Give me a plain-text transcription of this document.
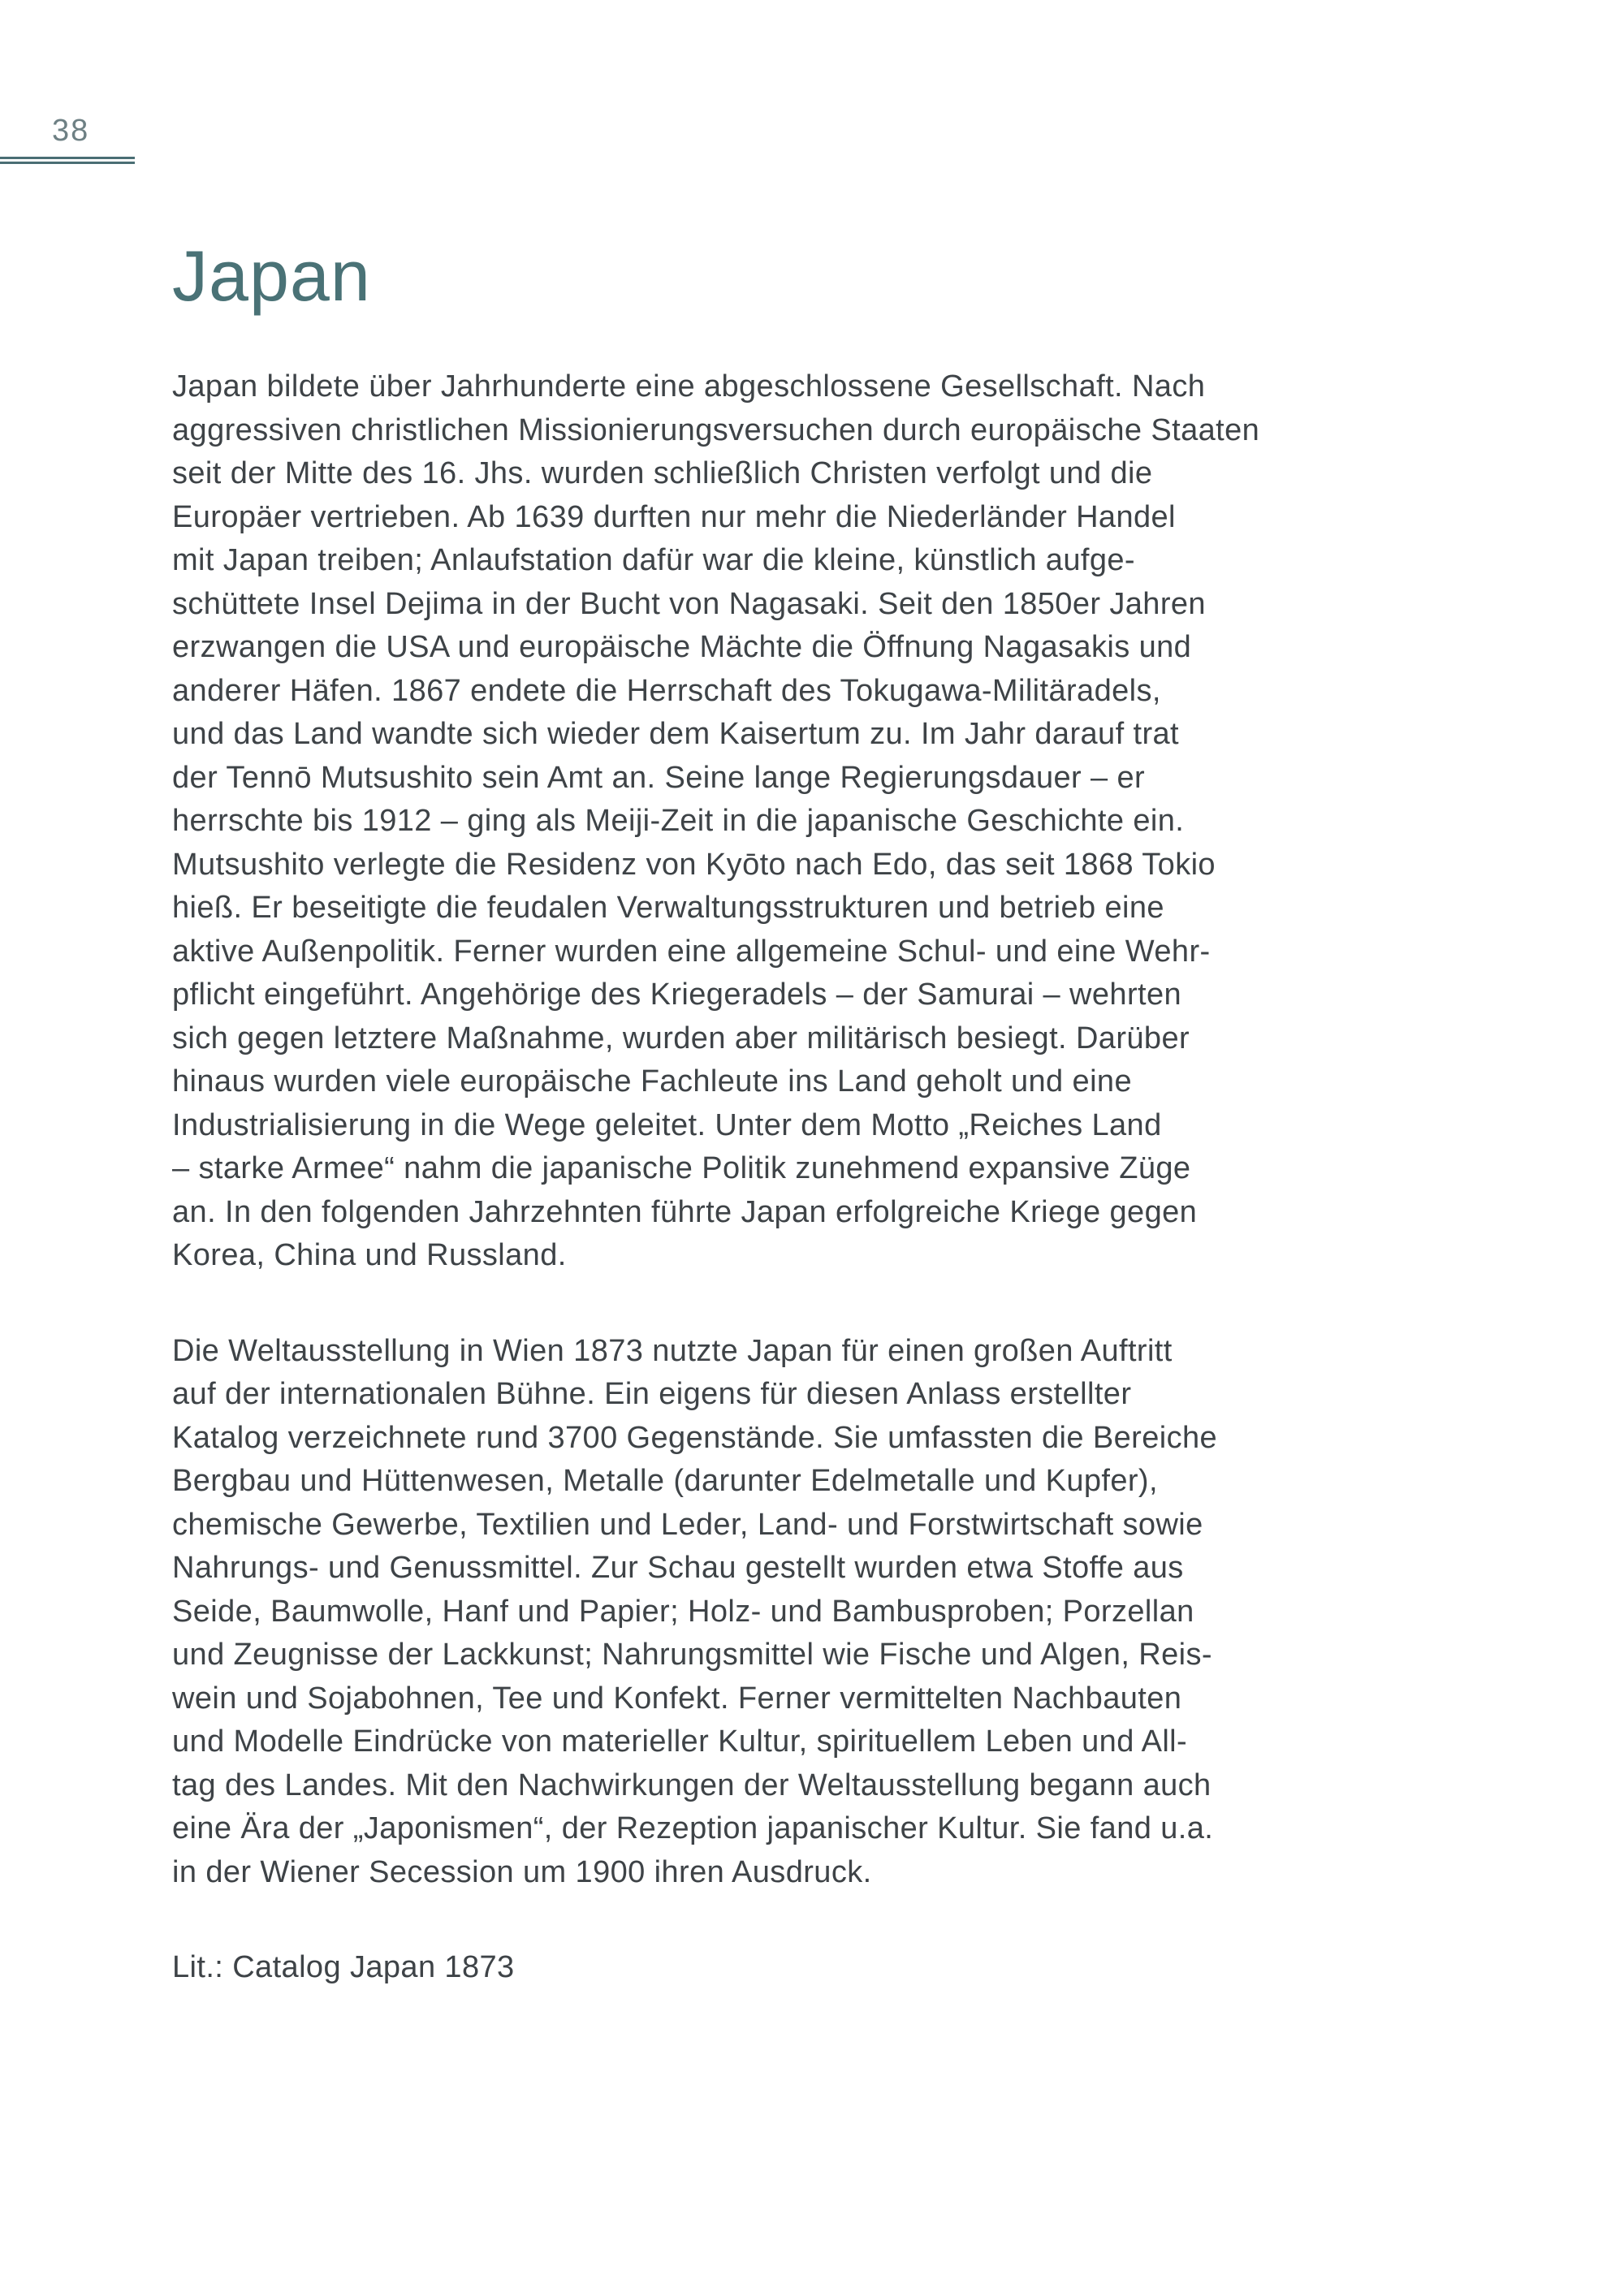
38
Japan
Japan bildete über Jahrhunderte eine abgeschlossene Gesellschaft. Nach
aggressiven christlichen Missionierungsversuchen durch europäische Staaten
seit der Mitte des 16. Jhs. wurden schließlich Christen verfolgt und die
Europäer vertrieben. Ab 1639 durften nur mehr die Niederländer Handel
mit Japan treiben; Anlaufstation dafür war die kleine, künstlich aufge-
schüttete Insel Dejima in der Bucht von Nagasaki. Seit den 1850er Jahren
erzwangen die USA und europäische Mächte die Öffnung Nagasakis und
anderer Häfen. 1867 endete die Herrschaft des Tokugawa-Militäradels,
und das Land wandte sich wieder dem Kaisertum zu. Im Jahr darauf trat
der Tennō Mutsushito sein Amt an. Seine lange Regierungsdauer – er
herrschte bis 1912 – ging als Meiji-Zeit in die japanische Geschichte ein.
Mutsushito verlegte die Residenz von Kyōto nach Edo, das seit 1868 Tokio
hieß. Er beseitigte die feudalen Verwaltungsstrukturen und betrieb eine
aktive Außenpolitik. Ferner wurden eine allgemeine Schul- und eine Wehr-
pflicht eingeführt. Angehörige des Kriegeradels – der Samurai – wehrten
sich gegen letztere Maßnahme, wurden aber militärisch besiegt. Darüber
hinaus wurden viele europäische Fachleute ins Land geholt und eine
Industrialisierung in die Wege geleitet. Unter dem Motto „Reiches Land
– starke Armee“ nahm die japanische Politik zunehmend expansive Züge
an. In den folgenden Jahrzehnten führte Japan erfolgreiche Kriege gegen
Korea, China und Russland.
Die Weltausstellung in Wien 1873 nutzte Japan für einen großen Auftritt
auf der internationalen Bühne. Ein eigens für diesen Anlass erstellter
Katalog verzeichnete rund 3700 Gegenstände. Sie umfassten die Bereiche
Bergbau und Hüttenwesen, Metalle (darunter Edelmetalle und Kupfer),
chemische Gewerbe, Textilien und Leder, Land- und Forstwirtschaft sowie
Nahrungs- und Genussmittel. Zur Schau gestellt wurden etwa Stoffe aus
Seide, Baumwolle, Hanf und Papier; Holz- und Bambusproben; Porzellan
und Zeugnisse der Lackkunst; Nahrungsmittel wie Fische und Algen, Reis-
wein und Sojabohnen, Tee und Konfekt. Ferner vermittelten Nachbauten
und Modelle Eindrücke von materieller Kultur, spirituellem Leben und All-
tag des Landes. Mit den Nachwirkungen der Weltausstellung begann auch
eine Ära der „Japonismen“, der Rezeption japanischer Kultur. Sie fand u.a.
in der Wiener Secession um 1900 ihren Ausdruck.
Lit.: Catalog Japan 1873
